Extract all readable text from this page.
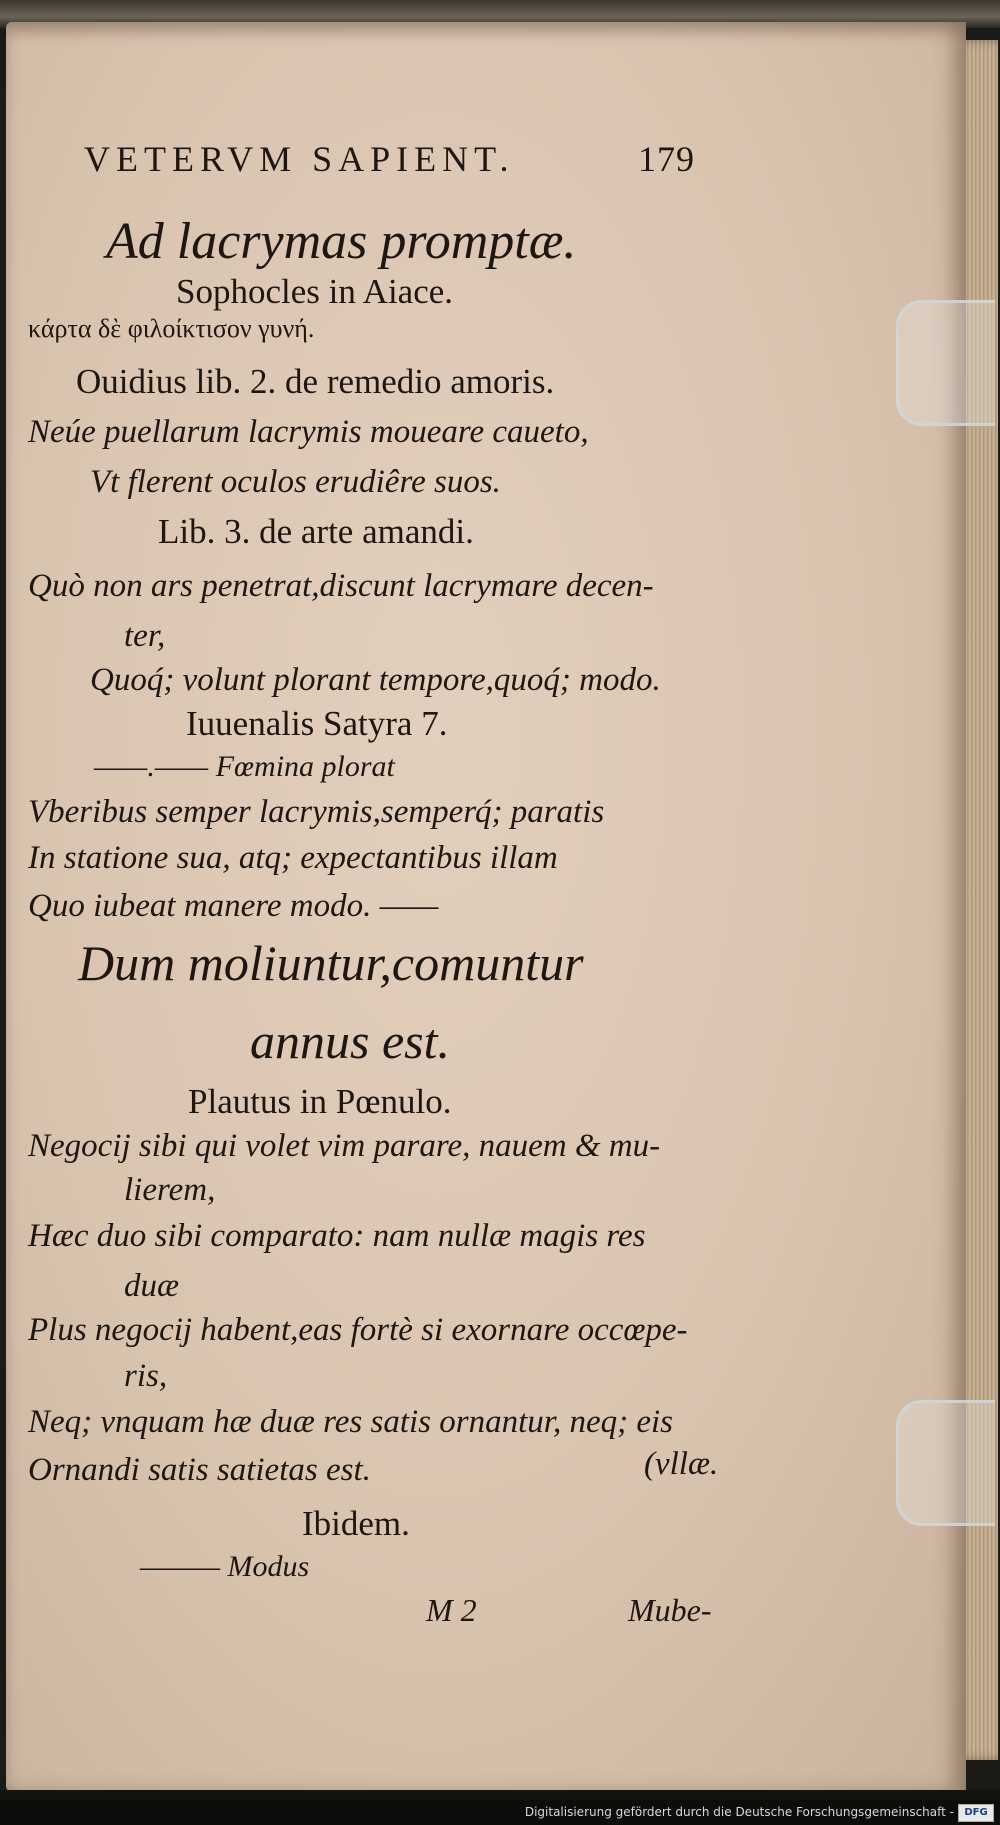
VETERVM SAPIENT.	179
Ad lacrymas promptæ.
Sophocles in Aiace.
κάρτα δὲ φιλοίκτισον γυνή.
Ouidius lib. 2. de remedio amoris.
Neúe puellarum lacrymis moueare caueto,
Vt flerent oculos erudiêre suos.
Lib. 3. de arte amandi.
Quò non ars penetrat,discunt lacrymare decen-
ter,
Quoq́; volunt plorant tempore,quoq́; modo.
Iuuenalis Satyra 7.
——.—— Fœmina plorat
Vberibus semper lacrymis,semperq́; paratis
In statione sua, atq; expectantibus illam
Quo iubeat manere modo. ——
Dum moliuntur,comuntur
annus est.
Plautus in Pœnulo.
Negocij sibi qui volet vim parare, nauem & mu-
lierem,
Hæc duo sibi comparato: nam nullæ magis res
duæ
Plus negocij habent,eas fortè si exornare occœpe-
ris,
Neq; vnquam hæ duæ res satis ornantur, neq; eis
Ornandi satis satietas est.	(vllæ.
Ibidem.
——— Modus
M 2	Mube-
Digitalisierung gefördert durch die Deutsche Forschungsgemeinschaft -	DFG
